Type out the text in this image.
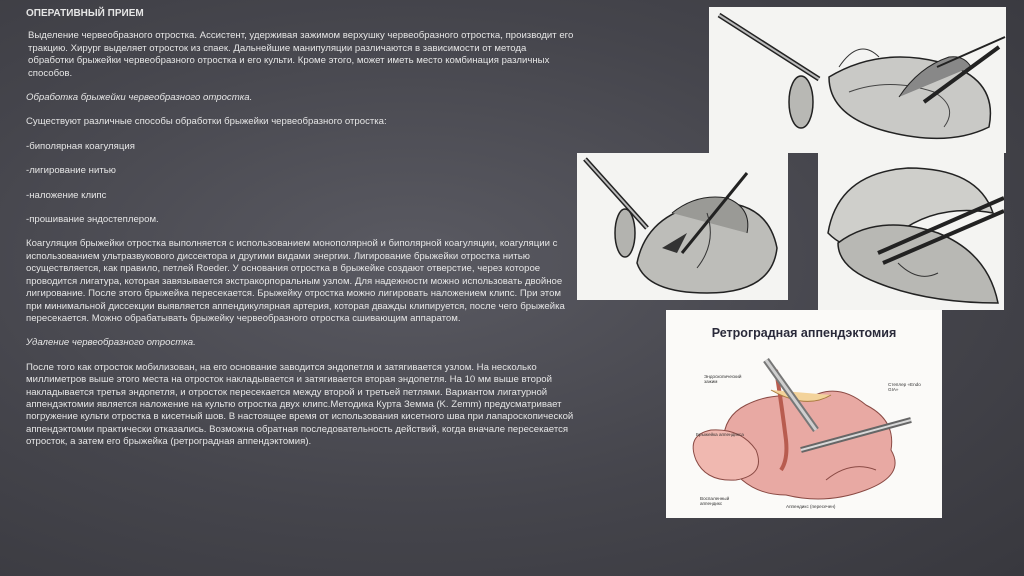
ОПЕРАТИВНЫЙ ПРИЕМ

Выделение червеобразного отростка. Ассистент, удерживая зажимом верхушку червеобразного отростка, производит его тракцию. Хирург выделяет отросток из спаек. Дальнейшие манипуляции различаются в зависимости от метода обработки брыжейки червеобразного отростка и его культи. Кроме этого, может иметь место комбинация различных способов.

Обработка брыжейки червеобразного отростка.

Существуют различные способы обработки брыжейки червеобразного отростка:

-биполярная коагуляция

-лигирование нитью

-наложение клипс

-прошивание эндостеплером.

Коагуляция брыжейки отростка выполняется с использованием монополярной и биполярной коагуляции, коагуляции с использованием ультразвукового диссектора и другими видами энергии. Лигирование брыжейки отростка нитью осуществляется, как правило, петлей Roeder. У основания отростка в брыжейке создают отверстие, через которое проводится лигатура, которая завязывается экстракорпоральным узлом. Для надежности можно использовать двойное лигирование. После этого брыжейка пересекается. Брыжейку отростка можно лигировать наложением клипс. При этом при минимальной диссекции выявляется аппендикулярная артерия, которая дважды клипируется, после чего брыжейка пересекается. Можно обрабатывать брыжейку червеобразного отростка сшивающим аппаратом.

Удаление червеобразного отростка.

После того как отросток мобилизован, на его основание заводится эндопетля и затягивается узлом. На несколько миллиметров выше этого места на отросток накладывается и затягивается вторая эндопетля. На 10 мм выше второй накладывается третья эндопетля, и отросток пересекается между второй и третьей петлями. Вариантом лигатурной аппендэктомии является наложение на культю отростка двух клипс.Методика Курта Земма (K. Zemm) предусматривает погружение культи отростка в кисетный шов. В настоящее время от использования кисетного шва при лапароскопической аппендэктомии практически отказались. Возможна обратная последовательность действий, когда вначале пересекается отросток, а затем его брыжейка (ретроградная аппендэктомия).

Ретроградная аппендэктомия
Эндоскопический зажим
Степлер «Endo GIA»
Брыжейка аппендикса
Воспаленный аппендикс
Аппендикс (пересечен)
